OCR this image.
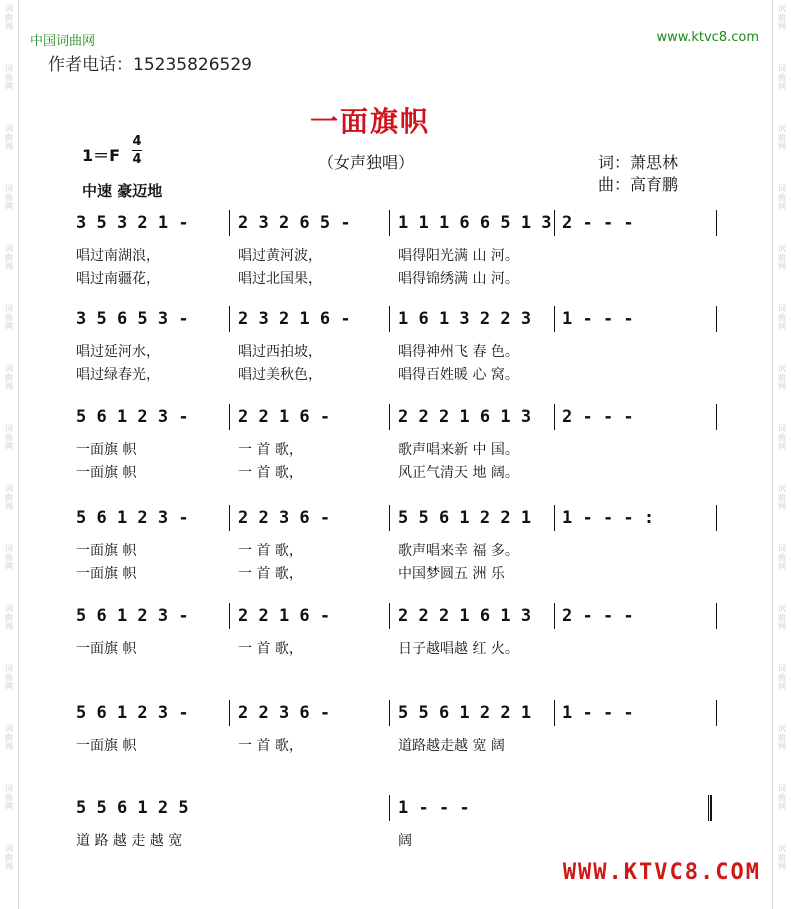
词
曲
网
词
曲
网
词
曲
网
词
曲
网
词
曲
网
词
曲
网
词
曲
网
词
曲
网
词
曲
网
词
曲
网
词
曲
网
词
曲
网
词
曲
网
词
曲
网
词
曲
网
词
曲
网
词
曲
网
词
曲
网
词
曲
网
词
曲
网
词
曲
网
词
曲
网
词
曲
网
词
曲
网
词
曲
网
词
曲
网
词
曲
网
词
曲
网
词
曲
网
词
曲
网
中国词曲网	www.ktvc8.com
作者电话：15235826529
一面旗帜
1＝F
4
4	（女声独唱）	词：萧思林
曲：高育鹏
中速 豪迈地
3 5 3 2 1 -	2 3 2 6 5 -	1 1 1 6 6 5 1 3 2 - - -
唱过南湖浪，	唱过黄河波，	唱得阳光满 山 河。
唱过南疆花，	唱过北国果，	唱得锦绣满 山 河。
3 5 6 5 3 -	2 3 2 1 6 -	1 6 1 3 2 2 3 1 - - -
唱过延河水，	唱过西拍坡，	唱得神州飞 春 色。
唱过绿春光，	唱过美秋色，	唱得百姓暖 心 窝。
5 6 1 2 3 -	2 2 1 6 -	2 2 2 1 6 1 3 2 - - -
一面旗 帜	一 首 歌，	歌声唱来新 中 国。
一面旗 帜	一 首 歌，	风正气清天 地 阔。
5 6 1 2 3 -	2 2 3 6 -	5 5 6 1 2 2 1 1 - - - :
一面旗 帜	一 首 歌，	歌声唱来幸 福 多。
一面旗 帜	一 首 歌，	中国梦圆五 洲 乐
5 6 1 2 3 -	2 2 1 6 -	2 2 2 1 6 1 3 2 - - -
一面旗 帜	一 首 歌，	日子越唱越 红 火。
5 6 1 2 3 -	2 2 3 6 -	5 5 6 1 2 2 1 1 - - -
一面旗 帜	一 首 歌，	道路越走越 宽 阔
5 5 6 1 2 5	1 - - -
道 路 越 走 越 宽	阔
WWW.KTVC8.COM
